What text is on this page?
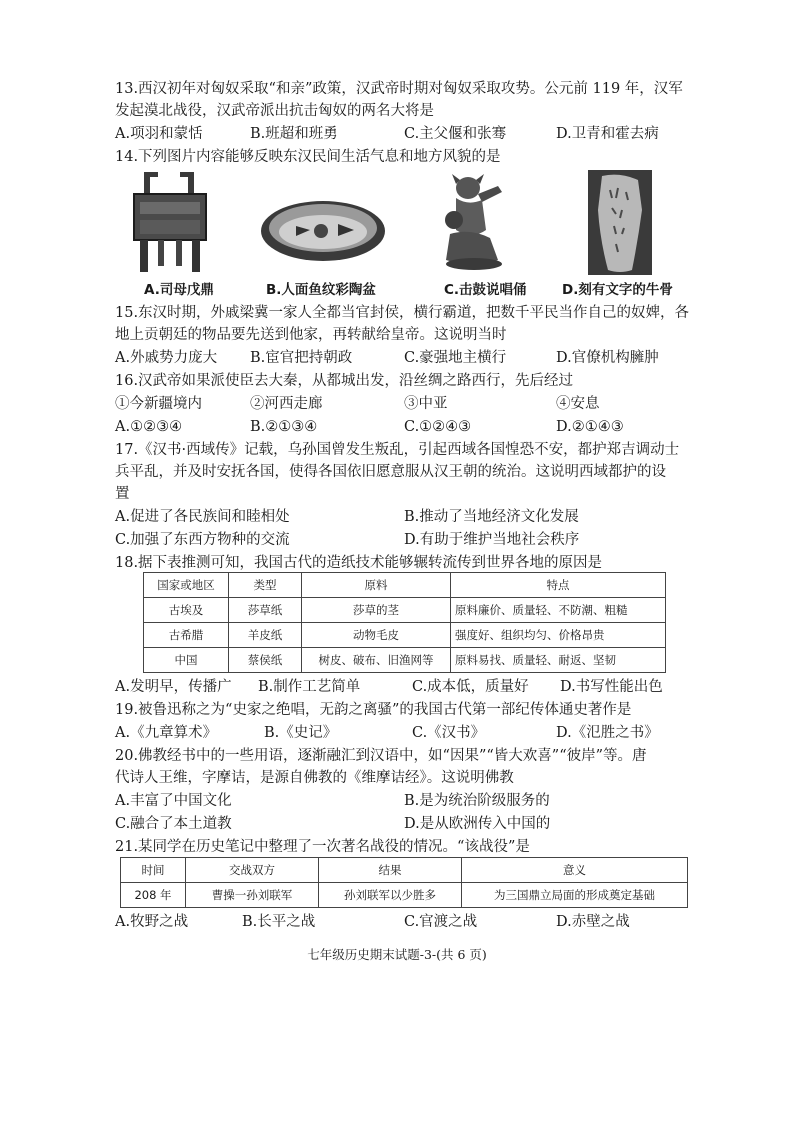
13.西汉初年对匈奴采取“和亲”政策，汉武帝时期对匈奴采取攻势。公元前 119 年，汉军
发起漠北战役，汉武帝派出抗击匈奴的两名大将是
A.项羽和蒙恬	B.班超和班勇	C.主父偃和张骞	D.卫青和霍去病
14.下列图片内容能够反映东汉民间生活气息和地方风貌的是
A.司母戊鼎	B.人面鱼纹彩陶盆	C.击鼓说唱俑	D.刻有文字的牛骨
15.东汉时期，外戚梁冀一家人全都当官封侯，横行霸道，把数千平民当作自己的奴婢，各
地上贡朝廷的物品要先送到他家，再转献给皇帝。这说明当时
A.外戚势力庞大 B.宦官把持朝政	C.豪强地主横行	D.官僚机构臃肿
16.汉武帝如果派使臣去大秦，从都城出发，沿丝绸之路西行，先后经过
①今新疆境内	②河西走廊	③中亚	④安息
A.①②③④	B.②①③④	C.①②④③	D.②①④③
17.《汉书·西域传》记载，乌孙国曾发生叛乱，引起西域各国惶恐不安，都护郑吉调动士
兵平乱，并及时安抚各国，使得各国依旧愿意服从汉王朝的统治。这说明西域都护的设
置
A.促进了各民族间和睦相处	B.推动了当地经济文化发展
C.加强了东西方物种的交流	D.有助于维护当地社会秩序
18.据下表推测可知，我国古代的造纸技术能够辗转流传到世界各地的原因是
国家或地区	类型	原料	特点
古埃及	莎草纸	莎草的茎	原料廉价、质量轻、不防潮、粗糙
古希腊	羊皮纸	动物毛皮	强度好、组织均匀、价格昂贵
中国	蔡侯纸	树皮、破布、旧渔网等	原料易找、质量轻、耐返、坚韧
A.发明早，传播广 B.制作工艺简单	C.成本低，质量好 D.书写性能出色
19.被鲁迅称之为“史家之绝唱，无韵之离骚”的我国古代第一部纪传体通史著作是
A.《九章算术》	B.《史记》	C.《汉书》	D.《氾胜之书》
20.佛教经书中的一些用语，逐渐融汇到汉语中，如“因果”“皆大欢喜”“彼岸”等。唐
代诗人王维，字摩诘，是源自佛教的《维摩诘经》。这说明佛教
A.丰富了中国文化	B.是为统治阶级服务的
C.融合了本土道教	D.是从欧洲传入中国的
21.某同学在历史笔记中整理了一次著名战役的情况。“该战役”是
时间	交战双方	结果	意义
208 年	曹操一孙刘联军	孙刘联军以少胜多	为三国鼎立局面的形成奠定基础
A.牧野之战	B.长平之战	C.官渡之战	D.赤壁之战
七年级历史期末试题-3-(共 6 页)
